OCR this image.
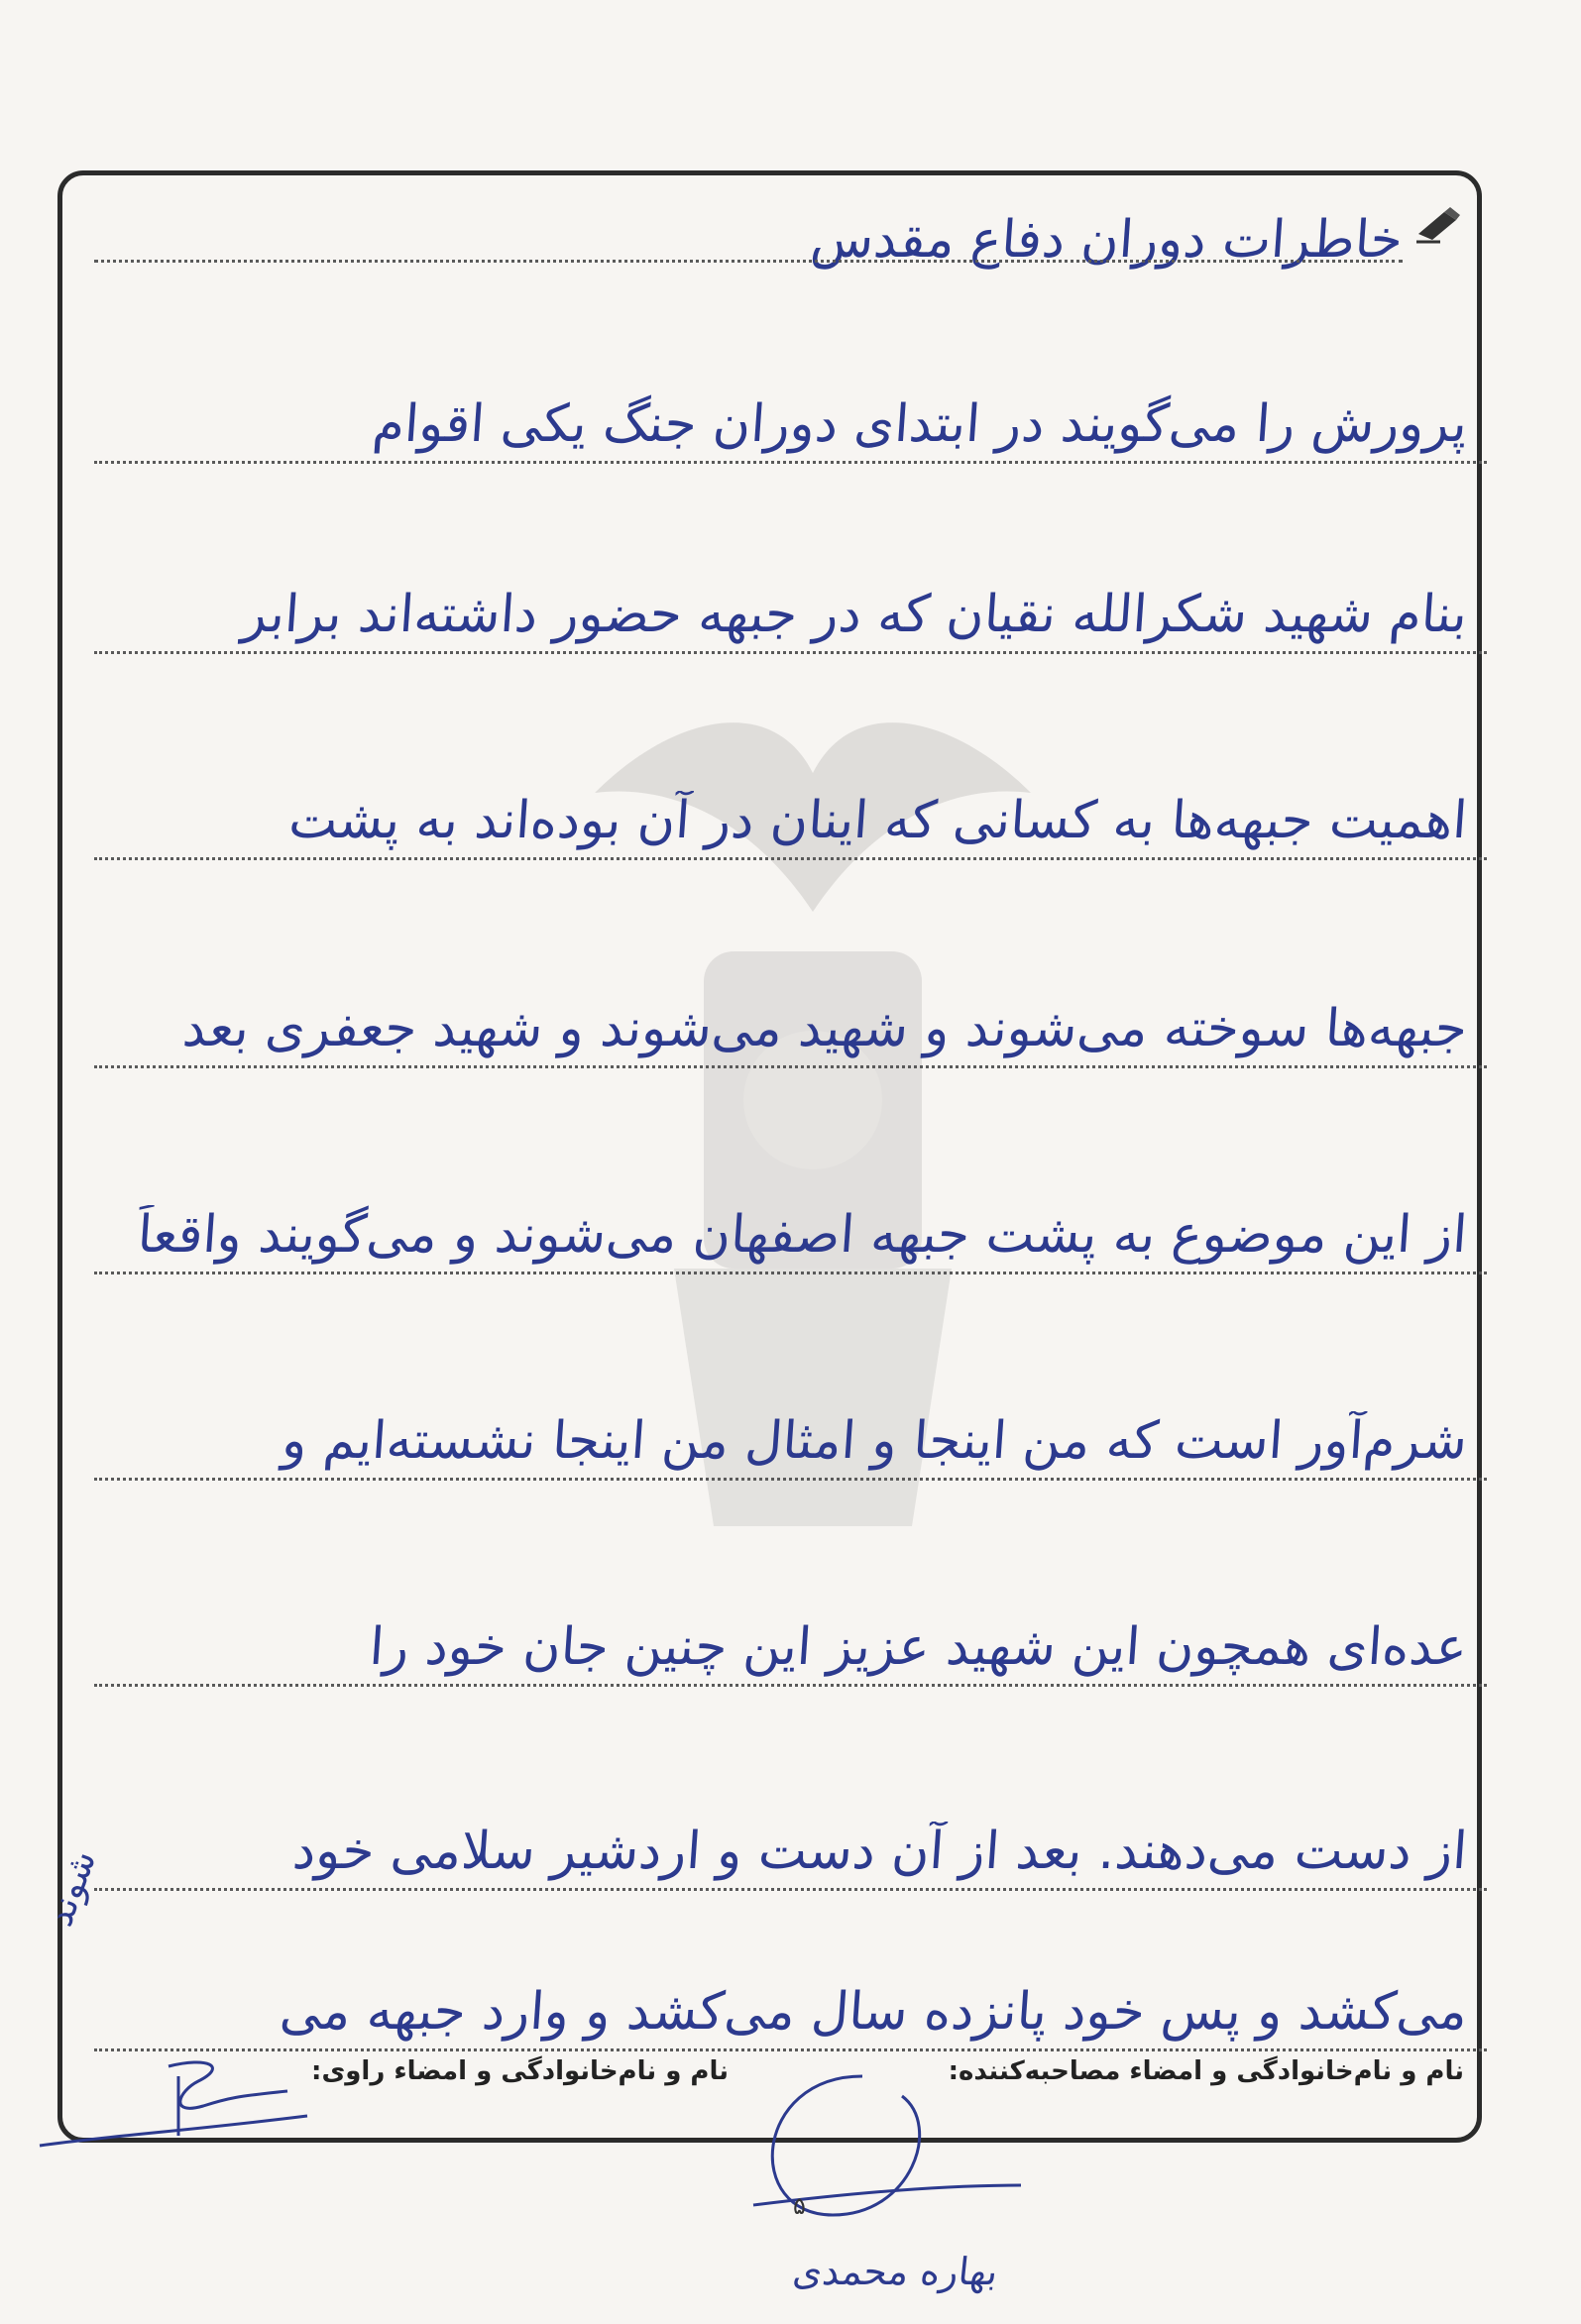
خاطرات دوران دفاع مقدس
پرورش را می‌گویند در ابتدای دوران جنگ یکی اقوام
بنام شهید شکرالله نقیان که در جبهه حضور داشته‌اند برابر
اهمیت جبهه‌ها به کسانی که اینان در آن بوده‌اند به پشت
جبهه‌ها سوخته می‌شوند و شهید می‌شوند و شهید جعفری بعد
از این موضوع به پشت جبهه اصفهان می‌شوند و می‌گویند واقعاً
شرم‌آور است که من اینجا و امثال من اینجا نشسته‌ایم و
عده‌ای همچون این شهید عزیز این چنین جان خود را
از دست می‌دهند. بعد از آن دست و اردشیر سلامی خود
می‌کشد و پس خود پانزده سال می‌کشد و وارد جبهه می‌
شوند
نام و نام‌خانوادگی و امضاء مصاحبه‌کننده:
نام و نام‌خانوادگی و امضاء راوی:
۵
بهاره محمدی
